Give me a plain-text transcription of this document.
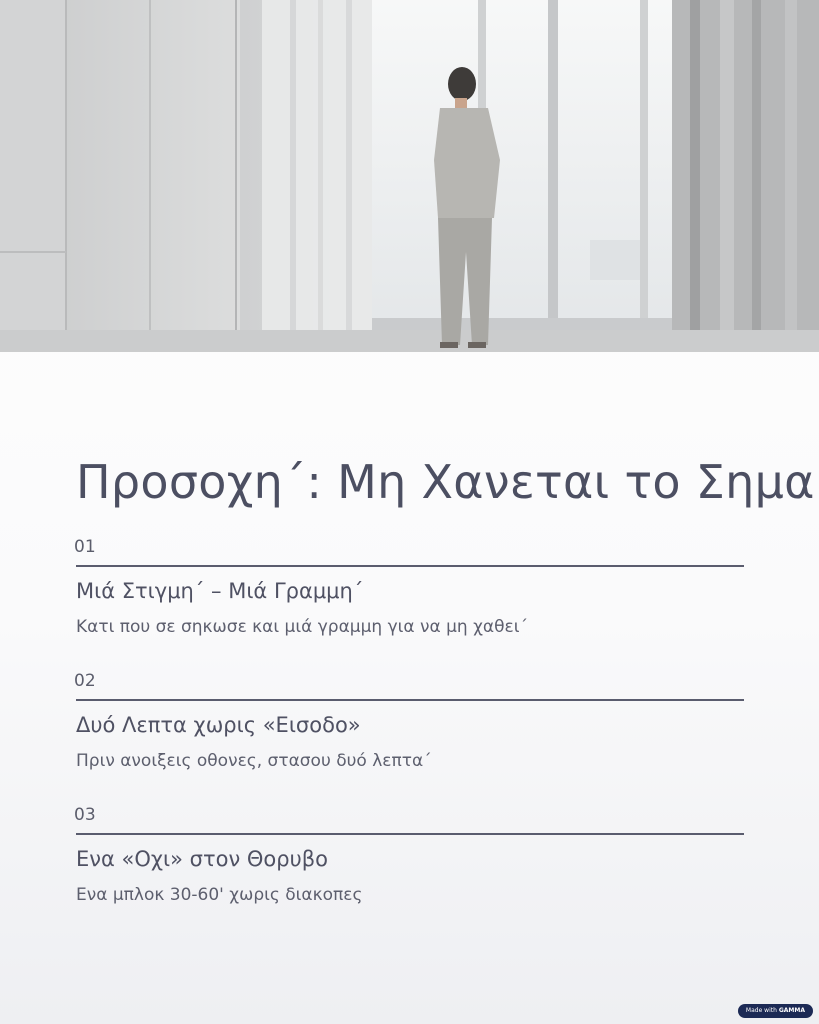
Προσοχη΄: Μη Χανεται το Σημα
01
Μιά Στιγμη΄ – Μιά Γραμμη΄
Κατι που σε σηκωσε και μιά γραμμη για να μη χαθει΄
02
Δυό Λεπτα χωρις «Εισοδο»
Πριν ανοιξεις οθονες, στασου δυό λεπτα΄
03
Ενα «Οχι» στον Θορυβο
Ενα μπλοκ 30-60' χωρις διακοπες
Made with GAMMA
